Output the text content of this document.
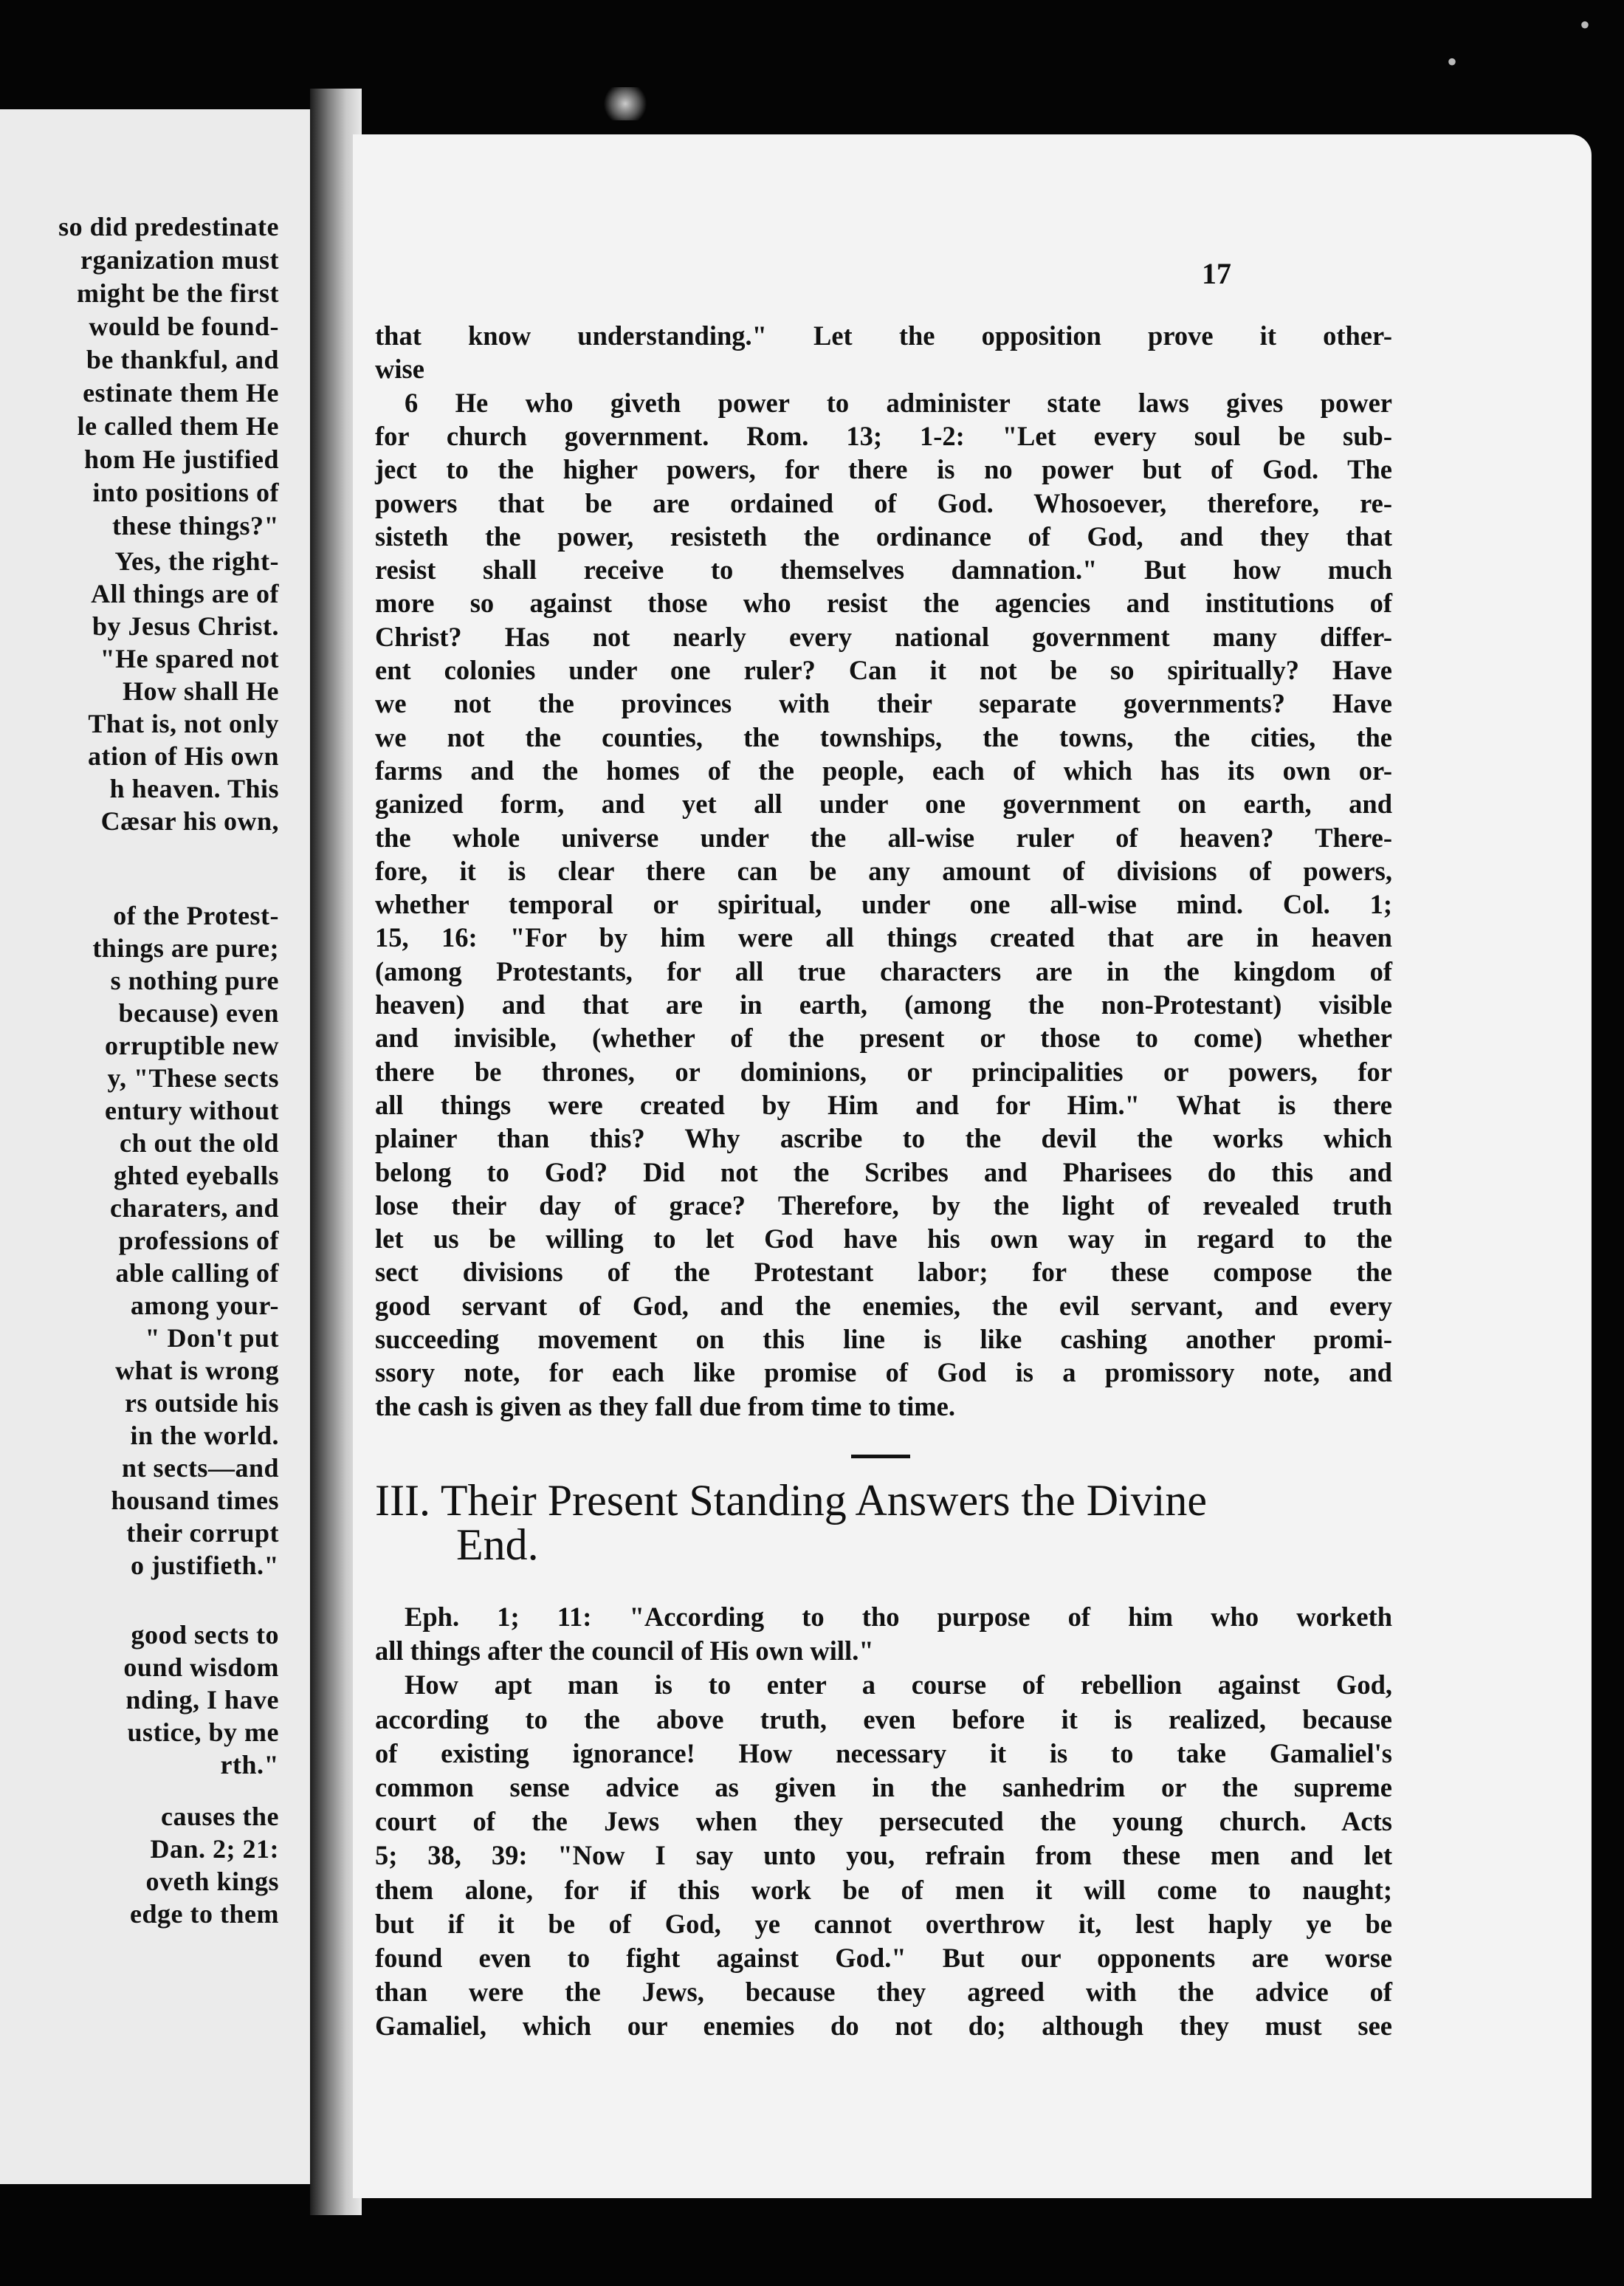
•
•
so did predestinate
rganization must
might be the first
would be found-
be thankful, and
estinate them He
le called them He
hom He justified
into positions of
these things?"
Yes, the right-
All things are of
by Jesus Christ.
"He spared not
How shall He
That is, not only
ation of His own
h heaven. This
Cæsar his own,
of the Protest-
things are pure;
s nothing pure
because) even
orruptible new
y, "These sects
entury without
ch out the old
ghted eyeballs
charaters, and
professions of
able calling of
among your-
" Don't put
what is wrong
rs outside his
in the world.
nt sects—and
housand times
their corrupt
o justifieth."
good sects to
ound wisdom
nding, I have
ustice, by me
rth."
causes the
Dan. 2; 21:
oveth kings
edge to them
17
that know understanding." Let the opposition prove it other-
wise
6 He who giveth power to administer state laws gives power
for church government. Rom. 13; 1-2: "Let every soul be sub-
ject to the higher powers, for there is no power but of God. The
powers that be are ordained of God. Whosoever, therefore, re-
sisteth the power, resisteth the ordinance of God, and they that
resist shall receive to themselves damnation." But how much
more so against those who resist the agencies and institutions of
Christ? Has not nearly every national government many differ-
ent colonies under one ruler? Can it not be so spiritually? Have
we not the provinces with their separate governments? Have
we not the counties, the townships, the towns, the cities, the
farms and the homes of the people, each of which has its own or-
ganized form, and yet all under one government on earth, and
the whole universe under the all-wise ruler of heaven? There-
fore, it is clear there can be any amount of divisions of powers,
whether temporal or spiritual, under one all-wise mind. Col. 1;
15, 16: "For by him were all things created that are in heaven
(among Protestants, for all true characters are in the kingdom of
heaven) and that are in earth, (among the non-Protestant) visible
and invisible, (whether of the present or those to come) whether
there be thrones, or dominions, or principalities or powers, for
all things were created by Him and for Him." What is there
plainer than this? Why ascribe to the devil the works which
belong to God? Did not the Scribes and Pharisees do this and
lose their day of grace? Therefore, by the light of revealed truth
let us be willing to let God have his own way in regard to the
sect divisions of the Protestant labor; for these compose the
good servant of God, and the enemies, the evil servant, and every
succeeding movement on this line is like cashing another promi-
ssory note, for each like promise of God is a promissory note, and
the cash is given as they fall due from time to time.
III. Their Present Standing Answers the Divine
End.
Eph. 1; 11: "According to tho purpose of him who worketh
all things after the council of His own will."
How apt man is to enter a course of rebellion against God,
according to the above truth, even before it is realized, because
of existing ignorance! How necessary it is to take Gamaliel's
common sense advice as given in the sanhedrim or the supreme
court of the Jews when they persecuted the young church. Acts
5; 38, 39: "Now I say unto you, refrain from these men and let
them alone, for if this work be of men it will come to naught;
but if it be of God, ye cannot overthrow it, lest haply ye be
found even to fight against God." But our opponents are worse
than were the Jews, because they agreed with the advice of
Gamaliel, which our enemies do not do; although they must see
